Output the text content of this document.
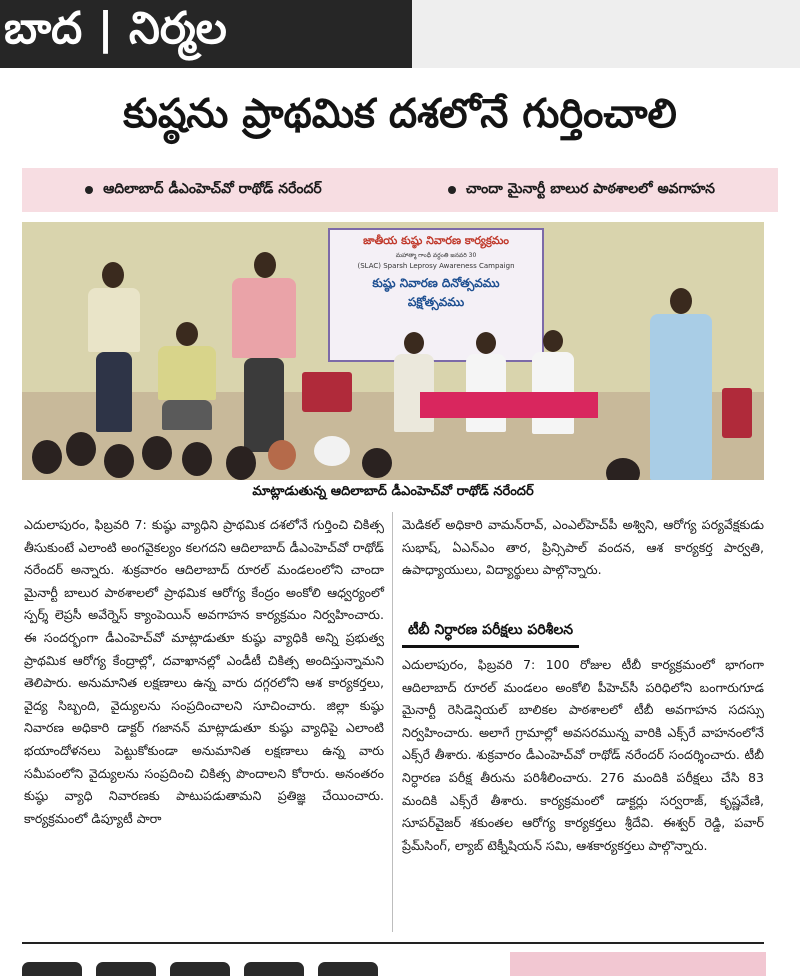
బాద | నిర్మల
కుష్ఠను ప్రాథమిక దశలోనే గుర్తించాలి
ఆదిలాబాద్ డీఎంహెచ్‌వో రాథోడ్ నరేందర్	చాందా మైనార్టీ బాలుర పాఠశాలలో అవగాహన
జాతీయ కుష్ఠు నివారణ కార్యక్రమం
మహాత్మా గాంధీ వర్ధంతి జనవరి 30
(SLAC) Sparsh Leprosy Awareness Campaign
కుష్ఠు నివారణ దినోత్సవము
పక్షోత్సవము
మాట్లాడుతున్న ఆదిలాబాద్ డీఎంహెచ్‌వో రాథోడ్ నరేందర్

ఎదులాపురం, ఫిబ్రవరి 7: కుష్ఠు వ్యాధిని ప్రాథమిక దశలోనే గుర్తించి చికిత్స తీసుకుంటే ఎలాంటి అంగవైకల్యం కలగదని ఆదిలాబాద్ డీఎంహెచ్‌వో రాథోడ్ నరేందర్ అన్నారు. శుక్రవారం ఆదిలాబాద్ రూరల్ మండలంలోని చాందా మైనార్టీ బాలుర పాఠశాలలో ప్రాథమిక ఆరోగ్య కేంద్రం అంకోలి ఆధ్వర్యంలో స్పర్శ్ లెప్రసీ అవేర్నెస్ క్యాంపెయిన్ అవగాహన కార్యక్రమం నిర్వహించారు. ఈ సందర్భంగా డీఎంహెచ్‌వో మాట్లాడుతూ కుష్ఠు వ్యాధికి అన్ని ప్రభుత్వ ప్రాథమిక ఆరోగ్య కేంద్రాల్లో, దవాఖానల్లో ఎండీటీ చికిత్స అందిస్తున్నామని తెలిపారు. అనుమానిత లక్షణాలు ఉన్న వారు దగ్గరలోని ఆశ కార్యకర్తలు, వైద్య సిబ్బంది, వైద్యులను సంప్రదించాలని సూచించారు. జిల్లా కుష్ఠు నివారణ అధికారి డాక్టర్ గజానన్ మాట్లాడుతూ కుష్ఠు వ్యాధిపై ఎలాంటి భయాందోళనలు పెట్టుకోకుండా అనుమానిత లక్షణాలు ఉన్న వారు సమీపంలోని వైద్యులను సంప్రదించి చికిత్స పొందాలని కోరారు. అనంతరం కుష్ఠు వ్యాధి నివారణకు పాటుపడుతామని ప్రతిజ్ఞ చేయించారు. కార్యక్రమంలో డిప్యూటీ పారా

మెడికల్ అధికారి వామన్‌రావ్, ఎంఎల్‌హెచ్‌పీ అశ్విని, ఆరోగ్య పర్యవేక్షకుడు సుభాష్, ఏఎన్‌ఎం తార, ప్రిన్సిపాల్ వందన, ఆశ కార్యకర్త పార్వతి, ఉపాధ్యాయులు, విద్యార్థులు పాల్గొన్నారు.

టీబీ నిర్ధారణ పరీక్షలు పరిశీలన

ఎదులాపురం, ఫిబ్రవరి 7: 100 రోజుల టీబీ కార్యక్రమంలో భాగంగా ఆదిలాబాద్ రూరల్ మండలం అంకోలి పీహెచ్‌సీ పరిధిలోని బంగారుగూడ మైనార్టీ రెసిడెన్షియల్ బాలికల పాఠశాలలో టీబీ అవగాహన సదస్సు నిర్వహించారు. అలాగే గ్రామాల్లో అవసరమున్న వారికి ఎక్స్‌రే వాహనంలోనే ఎక్స్‌రే తీశారు. శుక్రవారం డీఎంహెచ్‌వో రాథోడ్ నరేందర్ సందర్శించారు. టీబీ నిర్ధారణ పరీక్ష తీరును పరిశీలించారు. 276 మందికి పరీక్షలు చేసి 83 మందికి ఎక్స్‌రే తీశారు. కార్యక్రమంలో డాక్టర్లు సర్వరాజ్, కృష్ణవేణి, సూపర్‌వైజర్ శకుంతల ఆరోగ్య కార్యకర్తలు శ్రీదేవి. ఈశ్వర్ రెడ్డి, పవార్ ప్రేమ్‌సింగ్, ల్యాబ్ టెక్నీషియన్ సమి, ఆశకార్యకర్తలు పాల్గొన్నారు.
